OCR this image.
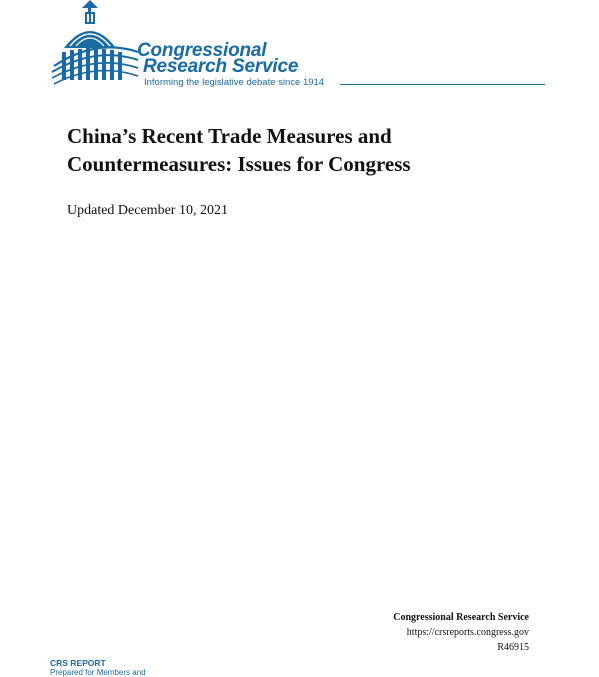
Congressional
Research Service
Informing the legislative debate since 1914
China’s Recent Trade Measures and Countermeasures: Issues for Congress
Updated December 10, 2021
Congressional Research Service
https://crsreports.congress.gov
R46915
CRS REPORT
Prepared for Members and
